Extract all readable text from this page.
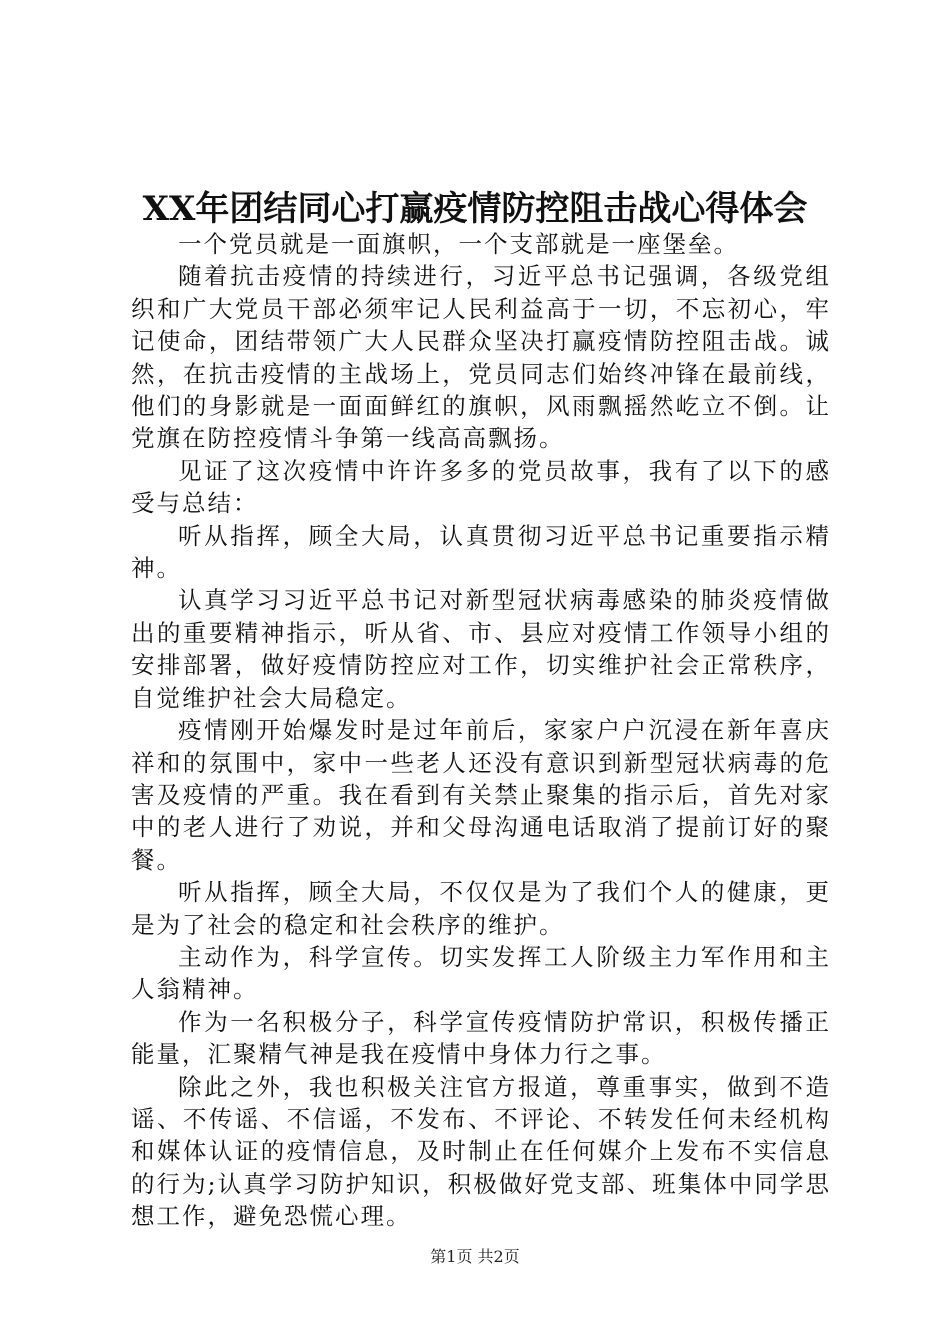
XX年团结同心打赢疫情防控阻击战心得体会

一个党员就是一面旗帜，一个支部就是一座堡垒。

随着抗击疫情的持续进行，习近平总书记强调，各级党组织和广大党员干部必须牢记人民利益高于一切，不忘初心，牢记使命，团结带领广大人民群众坚决打赢疫情防控阻击战。诚然，在抗击疫情的主战场上，党员同志们始终冲锋在最前线，他们的身影就是一面面鲜红的旗帜，风雨飘摇然屹立不倒。让党旗在防控疫情斗争第一线高高飘扬。

见证了这次疫情中许许多多的党员故事，我有了以下的感受与总结：

听从指挥，顾全大局，认真贯彻习近平总书记重要指示精神。

认真学习习近平总书记对新型冠状病毒感染的肺炎疫情做出的重要精神指示，听从省、市、县应对疫情工作领导小组的安排部署，做好疫情防控应对工作，切实维护社会正常秩序，自觉维护社会大局稳定。

疫情刚开始爆发时是过年前后，家家户户沉浸在新年喜庆祥和的氛围中，家中一些老人还没有意识到新型冠状病毒的危害及疫情的严重。我在看到有关禁止聚集的指示后，首先对家中的老人进行了劝说，并和父母沟通电话取消了提前订好的聚餐。

听从指挥，顾全大局，不仅仅是为了我们个人的健康，更是为了社会的稳定和社会秩序的维护。

主动作为，科学宣传。切实发挥工人阶级主力军作用和主人翁精神。

作为一名积极分子，科学宣传疫情防护常识，积极传播正能量，汇聚精气神是我在疫情中身体力行之事。

除此之外，我也积极关注官方报道，尊重事实，做到不造谣、不传谣、不信谣，不发布、不评论、不转发任何未经机构和媒体认证的疫情信息，及时制止在任何媒介上发布不实信息的行为;认真学习防护知识，积极做好党支部、班集体中同学思想工作，避免恐慌心理。

第1页 共2页
